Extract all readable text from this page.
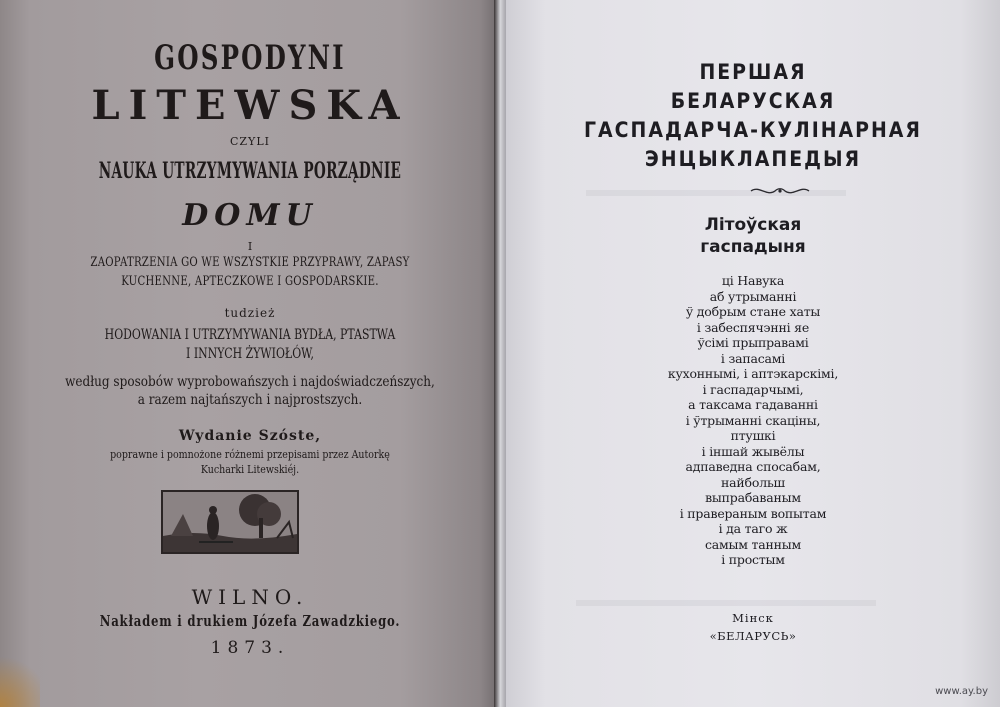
GOSPODYNI
LITEWSKA
CZYLI
NAUKA UTRZYMYWANIA PORZĄDNIE
DOMU
I
ZAOPATRZENIA GO WE WSZYSTKIE PRZYPRAWY, ZAPASY
KUCHENNE, APTECZKOWE I GOSPODARSKIE.
tudzież
HODOWANIA I UTRZYMYWANIA BYDŁA, PTASTWA
I INNYCH ŻYWIOŁÓW,
według sposobów wyprobowańszych i najdoświadczeńszych,
a razem najtańszych i najprostszych.
Wydanie Szóste,
poprawne i pomnożone różnemi przepisami przez Autorkę
Kucharki Litewskiéj.
WILNO.
Nakładem i drukiem Józefa Zawadzkiego.
1873.
ПЕРШАЯ
БЕЛАРУСКАЯ
ГАСПАДАРЧА-КУЛІНАРНАЯ
ЭНЦЫКЛАПЕДЫЯ
Літоўская
гаспадыня
ці Навука
аб утрыманні
ў добрым стане хаты
і забеспячэнні яе
ўсімі прыправамі
і запасамі
кухоннымі, і аптэкарскімі,
і гаспадарчымі,
а таксама гадаванні
і ўтрыманні скаціны,
птушкі
і іншай жывёлы
адпаведна спосабам,
найбольш
выпрабаваным
і праверaным вопытам
і да таго ж
самым танным
і простым
Мінск
«БЕЛАРУСЬ»
www.ay.by
